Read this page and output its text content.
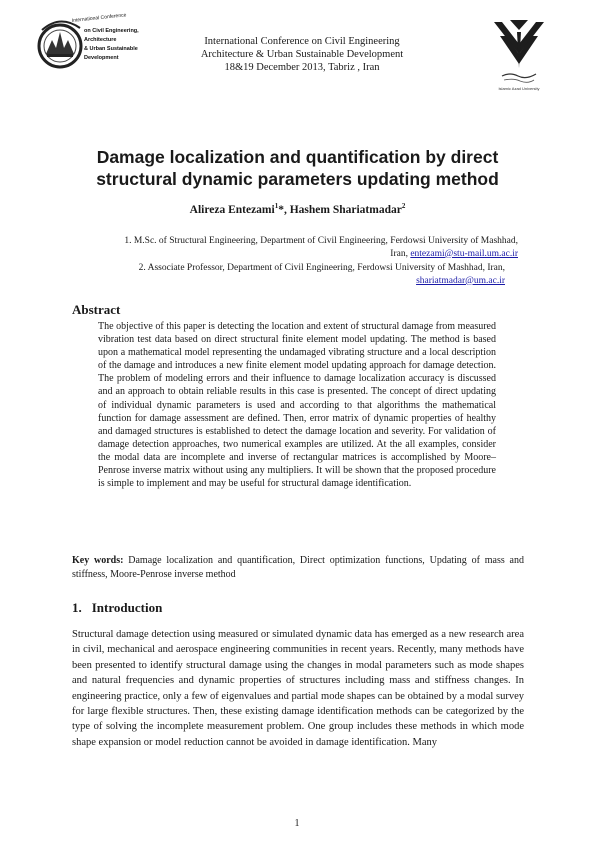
International Conference
on Civil Engineering,
Architecture
& Urban Sustainable
Development
International Conference on Civil Engineering
Architecture & Urban Sustainable Development
18&19 December 2013, Tabriz , Iran
Islamic Azad University
Damage localization and quantification by direct
structural dynamic parameters updating method
Alireza Entezami$^1$*, Hashem Shariatmadar$^2$
1. M.Sc. of Structural Engineering, Department of Civil Engineering, Ferdowsi University of Mashhad,
Iran, entezami@stu-mail.um.ac.ir
2. Associate Professor, Department of Civil Engineering, Ferdowsi University of Mashhad, Iran,
shariatmadar@um.ac.ir
Abstract
The objective of this paper is detecting the location and extent of structural damage from measured vibration test data based on direct structural finite element model updating. The method is based upon a mathematical model representing the undamaged vibrating structure and a local description of the damage and introduces a new finite element model updating approach for damage detection. The problem of modeling errors and their influence to damage localization accuracy is discussed and an approach to obtain reliable results in this case is presented. The concept of direct updating of individual dynamic parameters is used and according to that algorithms the mathematical function for damage assessment are defined. Then, error matrix of dynamic properties of healthy and damaged structures is established to detect the damage location and severity. For validation of damage detection approaches, two numerical examples are utilized. At the all examples, consider the modal data are incomplete and inverse of rectangular matrices is accomplished by Moore–Penrose inverse matrix without using any multipliers. It will be shown that the proposed procedure is simple to implement and may be useful for structural damage identification.
Key words: Damage localization and quantification, Direct optimization functions, Updating of mass and stiffness, Moore-Penrose inverse method
1. Introduction
Structural damage detection using measured or simulated dynamic data has emerged as a new research area in civil, mechanical and aerospace engineering communities in recent years. Recently, many methods have been presented to identify structural damage using the changes in modal parameters such as mode shapes and natural frequencies and dynamic properties of structures including mass and stiffness changes. In engineering practice, only a few of eigenvalues and partial mode shapes can be obtained by a modal survey for large flexible structures. Then, these existing damage identification methods can be categorized by the type of solving the incomplete measurement problem. One group includes these methods in which mode shape expansion or model reduction cannot be avoided in damage identification. Many
1
